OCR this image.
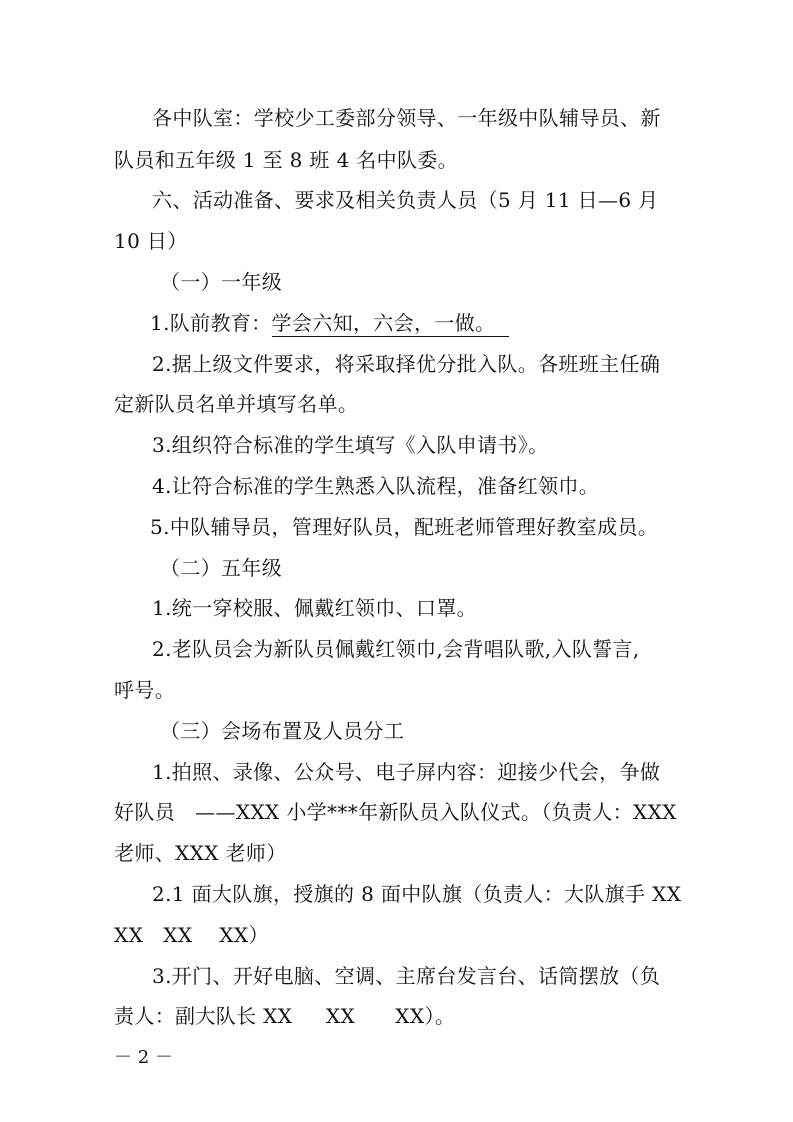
各中队室：学校少工委部分领导、一年级中队辅导员、新
队员和五年级 1 至 8 班 4 名中队委。
六、活动准备、要求及相关负责人员（5 月 11 日—6 月
10 日）
（一）一年级
1.队前教育：学会六知，六会，一做。
2.据上级文件要求，将采取择优分批入队。各班班主任确
定新队员名单并填写名单。
3.组织符合标准的学生填写《入队申请书》。
4.让符合标准的学生熟悉入队流程，准备红领巾。
5.中队辅导员，管理好队员，配班老师管理好教室成员。
（二）五年级
1.统一穿校服、佩戴红领巾、口罩。
2.老队员会为新队员佩戴红领巾,会背唱队歌,入队誓言,
呼号。
（三）会场布置及人员分工
1.拍照、录像、公众号、电子屏内容：迎接少代会，争做
好队员   ——XXX 小学***年新队员入队仪式。（负责人：XXX
老师、XXX 老师）
2.1 面大队旗，授旗的 8 面中队旗（负责人：大队旗手 XX
XX   XX    XX）
3.开门、开好电脑、空调、主席台发言台、话筒摆放（负
责人：副大队长 XX     XX      XX）。
－ 2 －
